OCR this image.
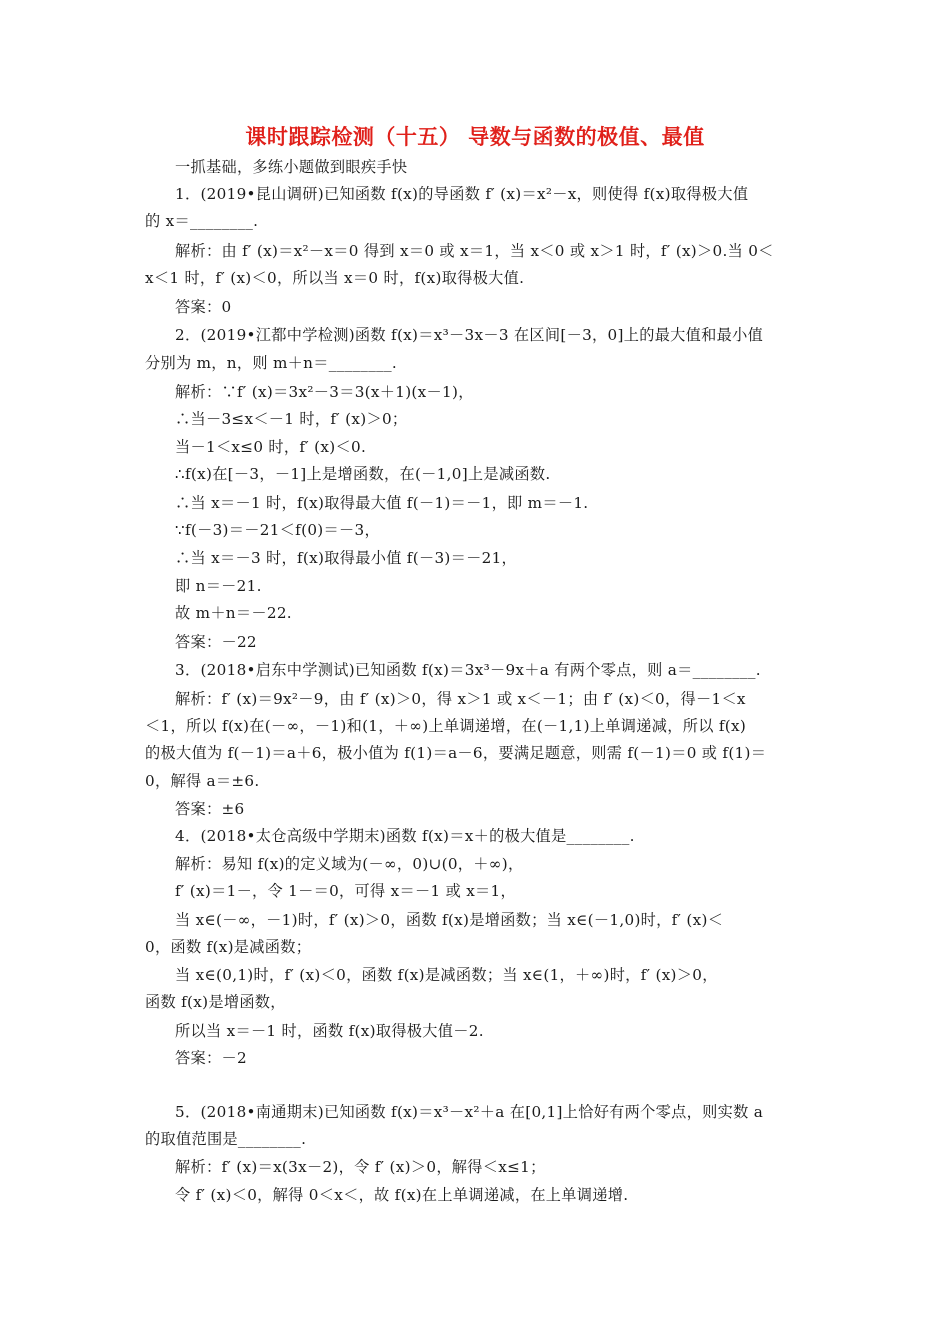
课时跟踪检测（十五） 导数与函数的极值、最值
一抓基础，多练小题做到眼疾手快
1．(2019•昆山调研)已知函数 f(x)的导函数 f′ (x)＝x²－x，则使得 f(x)取得极大值
的 x＝________.
解析：由 f′ (x)＝x²－x＝0 得到 x＝0 或 x＝1，当 x＜0 或 x＞1 时，f′ (x)＞0.当 0＜
x＜1 时，f′ (x)＜0，所以当 x＝0 时，f(x)取得极大值.
答案：0
2．(2019•江都中学检测)函数 f(x)＝x³－3x－3 在区间[－3，0]上的最大值和最小值
分别为 m，n，则 m＋n＝________.
解析：∵f′ (x)＝3x²－3＝3(x＋1)(x－1)，
∴当－3≤x＜－1 时，f′ (x)＞0；
当－1＜x≤0 时，f′ (x)＜0.
∴f(x)在[－3，－1]上是增函数，在(－1,0]上是减函数.
∴当 x＝－1 时，f(x)取得最大值 f(－1)＝－1，即 m＝－1.
∵f(－3)＝－21＜f(0)＝－3，
∴当 x＝－3 时，f(x)取得最小值 f(－3)＝－21，
即 n＝－21.
故 m＋n＝－22.
答案：－22
3．(2018•启东中学测试)已知函数 f(x)＝3x³－9x＋a 有两个零点，则 a＝________.
解析：f′ (x)＝9x²－9，由 f′ (x)＞0，得 x＞1 或 x＜－1；由 f′ (x)＜0，得－1＜x
＜1，所以 f(x)在(－∞，－1)和(1，＋∞)上单调递增，在(－1,1)上单调递减，所以 f(x)
的极大值为 f(－1)＝a＋6，极小值为 f(1)＝a－6，要满足题意，则需 f(－1)＝0 或 f(1)＝
0，解得 a＝±6.
答案：±6
4．(2018•太仓高级中学期末)函数 f(x)＝x＋的极大值是________.
解析：易知 f(x)的定义域为(－∞，0)∪(0，＋∞)，
f′ (x)＝1－，令 1－＝0，可得 x＝－1 或 x＝1，
当 x∈(－∞，－1)时，f′ (x)＞0，函数 f(x)是增函数；当 x∈(－1,0)时，f′ (x)＜
0，函数 f(x)是减函数；
当 x∈(0,1)时，f′ (x)＜0，函数 f(x)是减函数；当 x∈(1，＋∞)时，f′ (x)＞0，
函数 f(x)是增函数，
所以当 x＝－1 时，函数 f(x)取得极大值－2.
答案：－2
5．(2018•南通期末)已知函数 f(x)＝x³－x²＋a 在[0,1]上恰好有两个零点，则实数 a
的取值范围是________.
解析：f′ (x)＝x(3x－2)，令 f′ (x)＞0，解得＜x≤1；
令 f′ (x)＜0，解得 0＜x＜，故 f(x)在上单调递减，在上单调递增.
